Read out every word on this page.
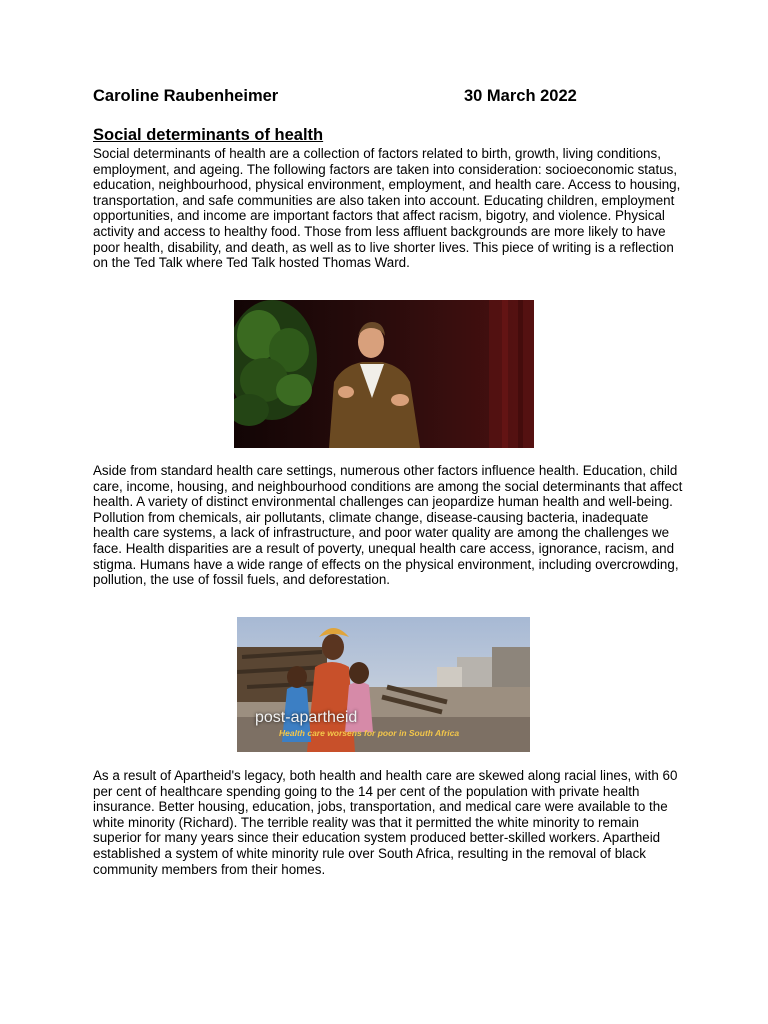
Caroline Raubenheimer	30 March 2022
Social determinants of health

Social determinants of health are a collection of factors related to birth, growth, living conditions, employment, and ageing. The following factors are taken into consideration: socioeconomic status, education, neighbourhood, physical environment, employment, and health care. Access to housing, transportation, and safe communities are also taken into account. Educating children, employment opportunities, and income are important factors that affect racism, bigotry, and violence. Physical activity and access to healthy food. Those from less affluent backgrounds are more likely to have poor health, disability, and death, as well as to live shorter lives. This piece of writing is a reflection on the Ted Talk where Ted Talk hosted Thomas Ward.

Aside from standard health care settings, numerous other factors influence health. Education, child care, income, housing, and neighbourhood conditions are among the social determinants that affect health. A variety of distinct environmental challenges can jeopardize human health and well-being. Pollution from chemicals, air pollutants, climate change, disease-causing bacteria, inadequate health care systems, a lack of infrastructure, and poor water quality are among the challenges we face. Health disparities are a result of poverty, unequal health care access, ignorance, racism, and stigma. Humans have a wide range of effects on the physical environment, including overcrowding, pollution, the use of fossil fuels, and deforestation.

post-apartheid
Health care worsens for poor in South Africa

As a result of Apartheid's legacy, both health and health care are skewed along racial lines, with 60 per cent of healthcare spending going to the 14 per cent of the population with private health insurance. Better housing, education, jobs, transportation, and medical care were available to the white minority (Richard). The terrible reality was that it permitted the white minority to remain superior for many years since their education system produced better-skilled workers. Apartheid established a system of white minority rule over South Africa, resulting in the removal of black community members from their homes.
